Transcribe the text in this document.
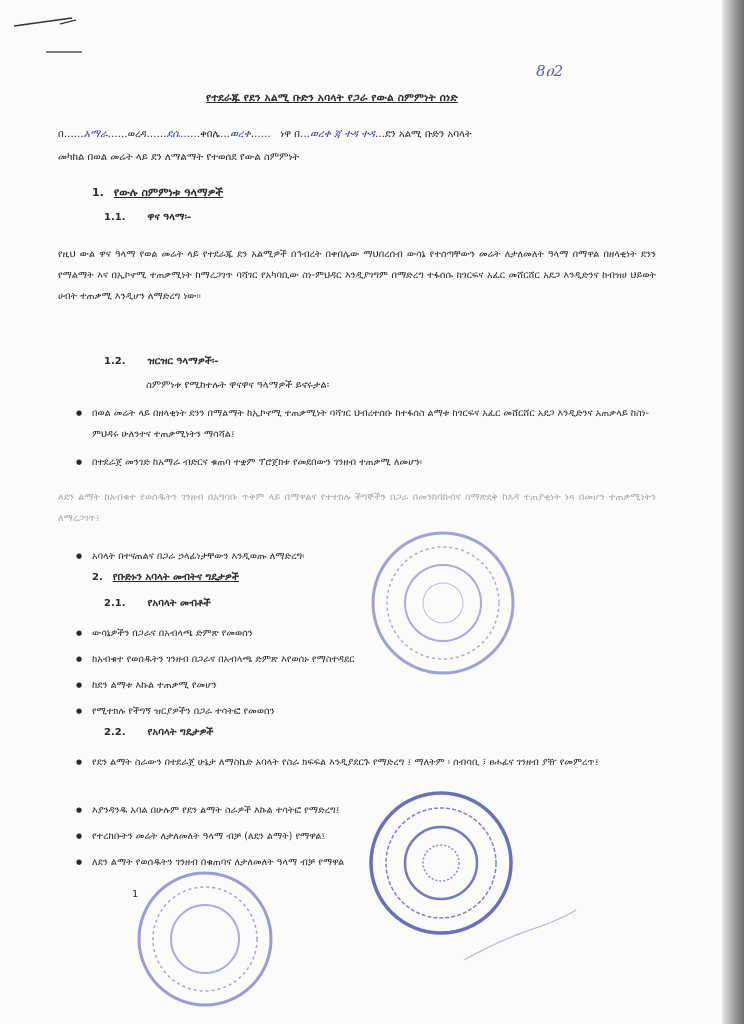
8ዐ2
የተደራጁ የደን አልሚ ቡድን አባላት የጋራ የውል ስምምነት ሰነድ
በ……አማራ……ወረዳ……ደሴ……ቀበሌ…ወረቀ……   ነዋ በ…ወረቀ ጃ ተዳ ተዳ…ደን አልሚ ቡድን አባላት
መካከል በወል መሬት ላይ ደን ለማልማት የተወሰደ የውል ስምምነት
1. የውሉ ስምምነቱ ዓላማዎች
1.1. ዋና ዓላማ፡-
የዚህ ውል ዋና ዓላማ የወል መሬት ላይ የተደራጁ ደን አልሚዎች በኅብረት በቀበሌው ማህበረሰብ ውሳኔ የተሰጣቸውን መሬት ለታለመለት ዓላማ በማዋል በዘላቂነት ደንን የማልማት እና በኢኮኖሚ ተጠቃሚነት ከማረጋገጥ ባሻገር የአካባቢው ስነ-ምህዳር እንዲያገግም በማድረግ ተፋሰሱ ከጎርፍና አፈር መሸርሸር አደጋ እንዲድንና ከብዝሀ ህይወት ሀብት ተጠቃሚ እንዲሆን ለማድረግ ነው፡፡
1.2. ዝርዝር ዓላማዎች፡-
ስምምነቱ የሚከተሉት ዋናዋና ዓላማዎች ይኖሩታል፡
● በወል መሬት ላይ በዘላቂነት ደንን በማልማት ከኢኮኖሚ ተጠቃሚነት ባሻገር ህብረተሰቡ ከተፋሰስ ልማቱ ከጎርፍና አፈር መሸርሸር አደጋ እንዲድንና አጠቃላይ ከስነ-ምህዳሩ ሁለንተና ተጠቃሚነትን ማሳሻል፤
● በተደራጀ መንገድ ከአማራ ብድርና ቁጠባ ተቋም ፕሮጀክቱ የመደበውን ገንዘብ ተጠቃሚ ለመሆን፡
ለደን ልማት ከአብቁተ የወሰዱትን ገንዘብ በአግባቡ ጥቅም ላይ በማዋልና የተተከሉ ችግኞችን በጋራ በመንከባከብና በማጽደቅ ከእዳ ተጠያቂነት ነጻ በመሆን ተጠቃሚነትን ለማረጋገጥ፤
● አባላት በተናጠልና በጋራ ኃላፊነታቸውን እንዲወጡ ለማድረግ፡
2. የቡድኑን አባላት መብትና ግዴታዎች
2.1. የአባላት መብቶች
● ውሳኔዎችን በጋራና በአብላጫ ድምጽ የመወሰን
● ከአብቁተ የወሰዱትን ገንዘብ በጋራና በአብላጫ ድምጽ እየወሰኑ የማስተዳደር
● ከደን ልማቱ እኩል ተጠቃሚ የመሆን
● የሚተክሉ የችግኝ ዝርያዎችን በጋራ ተሳትፎ የመወሰን
2.2. የአባላት ግዴታዎች
● የደን ልማት ስራውን በተደራጀ ሁኔታ ለማስኬድ አባላት የስራ ክፍፍል እንዲያደርጉ የማድረግ ፤ ማለትም ፡ ሰብሳቢ ፣ ፀሐፊና ገንዘብ ያዥ የመምረጥ፤
● እያንዳንዱ አባል በሁሉም የደን ልማት ስራዎች እኩል ተሳትፎ የማድረግ፤
● የተረከቡትን መሬት ለታለመለት ዓላማ ብቻ (ለደን ልማት) የማዋል፤
● ለደን ልማት የወሰዱትን ገንዘብ በቁጠባና ለታለመለት ዓላማ ብቻ የማዋል
1
